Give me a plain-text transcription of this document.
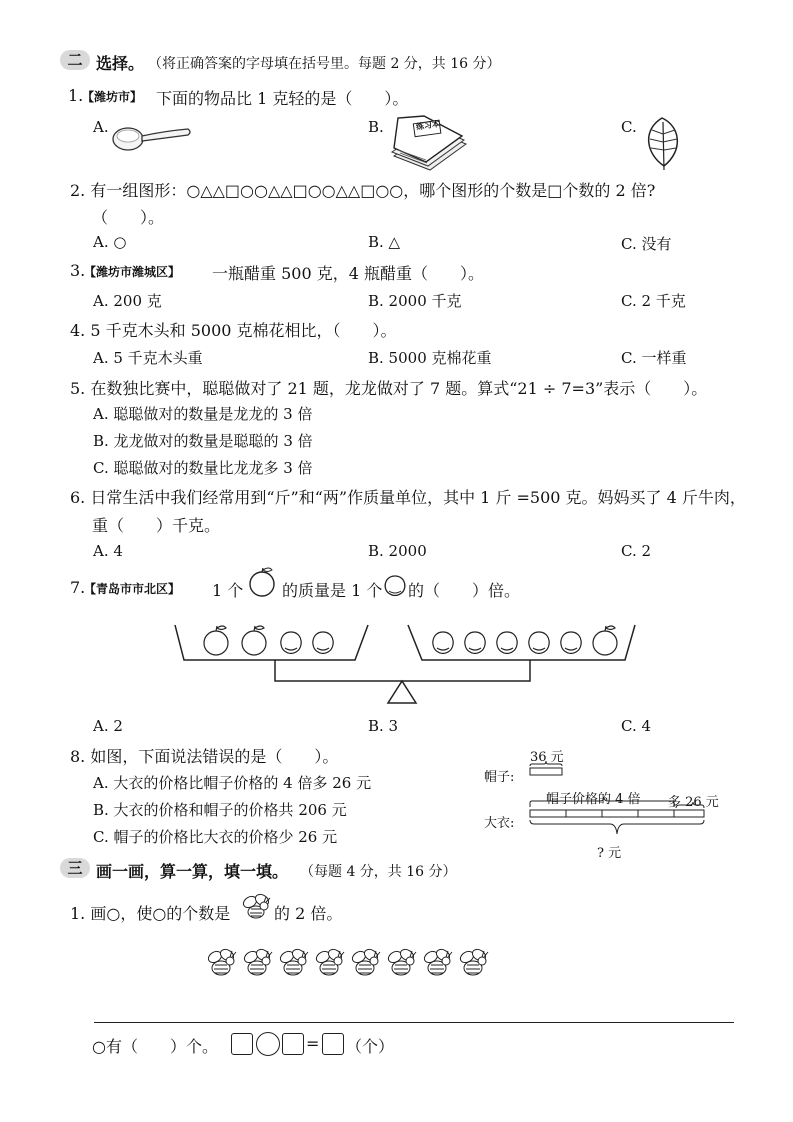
二 选择。 （将正确答案的字母填在括号里。每题 2 分，共 16 分）
1.
【潍坊市】 下面的物品比 1 克轻的是（　　）。
A.	B.	练习本	C.
2. 有一组图形：○△△□○○△△□○○△△□○○，哪个图形的个数是□个数的 2 倍?
（　　）。
A. ○	B. △	C. 没有
3.
【潍坊市潍城区】 一瓶醋重 500 克，4 瓶醋重（　　）。
A. 200 克	B. 2000 千克	C. 2 千克
4. 5 千克木头和 5000 克棉花相比，（　　）。
A. 5 千克木头重	B. 5000 克棉花重	C. 一样重
5. 在数独比赛中，聪聪做对了 21 题，龙龙做对了 7 题。算式“21 ÷ 7=3”表示（　　）。
A. 聪聪做对的数量是龙龙的 3 倍
B. 龙龙做对的数量是聪聪的 3 倍
C. 聪聪做对的数量比龙龙多 3 倍
6. 日常生活中我们经常用到“斤”和“两”作质量单位，其中 1 斤 =500 克。妈妈买了 4 斤牛肉，
重（　　）千克。
A. 4	B. 2000	C. 2
7.
【青岛市市北区】 1 个 的质量是 1 个 的（　　）倍。
A. 2	B. 3	C. 4
8. 如图，下面说法错误的是（　　）。
A. 大衣的价格比帽子价格的 4 倍多 26 元
B. 大衣的价格和帽子的价格共 206 元
C. 帽子的价格比大衣的价格少 26 元
36 元
帽子:
帽子价格的 4 倍 多 26 元
大衣:
? 元
三 画一画，算一算，填一填。 （每题 4 分，共 16 分）
1. 画○，使○的个数是	的 2 倍。
○有（　　）个。	= （个）
